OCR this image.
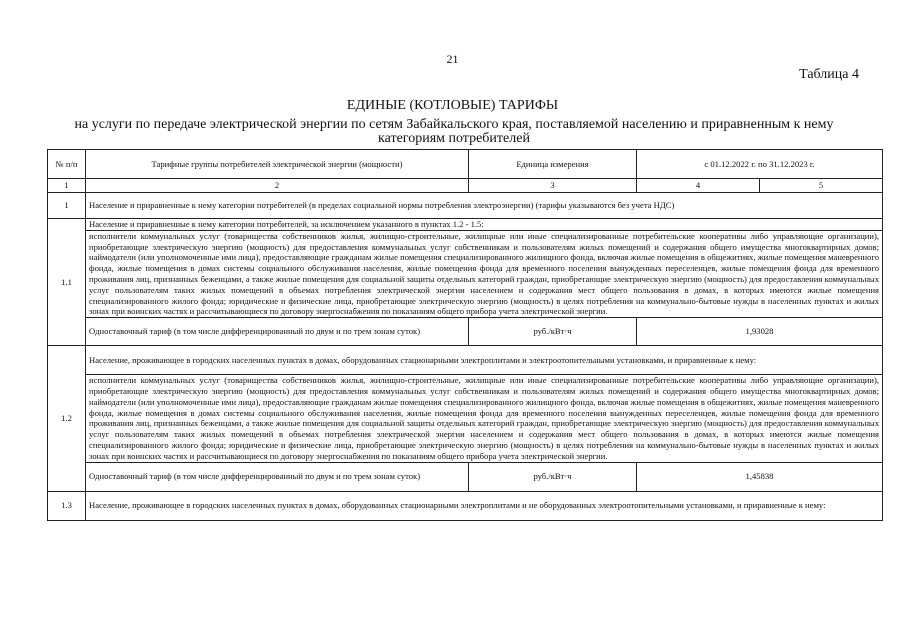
21
Таблица 4
ЕДИНЫЕ (КОТЛОВЫЕ) ТАРИФЫ
на услуги по передаче электрической энергии по сетям Забайкальского края, поставляемой населению и приравненным к нему категориям потребителей
№ п/п	Тарифные группы потребителей электрической энергии (мощности)	Единица измерения	с 01.12.2022 г. по 31.12.2023 г.	
1	2	3	4	5
1	Население и приравненные к нему категории потребителей (в пределах социальной нормы потребления электроэнергии) (тарифы указываются без учета НДС)			
1.1	Население и приравненные к нему категории потребителей, за исключением указанного в пунктах 1.2 - 1.5:			
	исполнители коммунальных услуг (товарищества собственников жилья, жилищно-строительные, жилищные или иные специализированные потребительские кооперативы либо управляющие организации), приобретающие электрическую энергию (мощность) для предоставления коммунальных услуг собственникам и пользователям жилых помещений и содержания общего имущества многоквартирных домов; наймодатели (или уполномоченные ими лица), предоставляющие гражданам жилые помещения специализированного жилищного фонда, включая жилые помещения в общежитиях, жилые помещения маневренного фонда, жилые помещения в домах системы социального обслуживания населения, жилые помещения фонда для временного поселения вынужденных переселенцев, жилые помещения фонда для временного проживания лиц, признанных беженцами, а также жилые помещения для социальной защиты отдельных категорий граждан, приобретающие электрическую энергию (мощность) для предоставления коммунальных услуг пользователям таких жилых помещений в объемах потребления электрической энергии населением и содержания мест общего пользования в домах, в которых имеются жилые помещения специализированного жилого фонда; юридические и физические лица, приобретающие электрическую энергию (мощность) в целях потребления на коммунально-бытовые нужды в населенных пунктах и жилых зонах при воинских частях и рассчитывающиеся по договору энергоснабжения по показаниям общего прибора учета электрической энергии.			
	Одноставочный тариф (в том числе дифференцированный по двум и по трем зонам суток)	руб./кВт·ч	1,93028	
1.2	Население, проживающее в городских населенных пунктах в домах, оборудованных стационарными электроплитами и электроотопительными установками, и приравненные к нему:			
	исполнители коммунальных услуг (товарищества собственников жилья, жилищно-строительные, жилищные или иные специализированные потребительские кооперативы либо управляющие организации), приобретающие электрическую энергию (мощность) для предоставления коммунальных услуг собственникам и пользователям жилых помещений и содержания общего имущества многоквартирных домов; наймодатели (или уполномоченные ими лица), предоставляющие гражданам жилые помещения специализированного жилищного фонда, включая жилые помещения в общежитиях, жилые помещения маневренного фонда, жилые помещения в домах системы социального обслуживания населения, жилые помещения фонда для временного поселения вынужденных переселенцев, жилые помещения фонда для временного проживания лиц, признанных беженцами, а также жилые помещения для социальной защиты отдельных категорий граждан, приобретающие электрическую энергию (мощность) для предоставления коммунальных услуг пользователям таких жилых помещений в объемах потребления электрической энергии населением и содержания мест общего пользования в домах, в которых имеются жилые помещения специализированного жилого фонда; юридические и физические лица, приобретающие электрическую энергию (мощность) в целях потребления на коммунально-бытовые нужды в населенных пунктах и жилых зонах при воинских частях и рассчитывающиеся по договору энергоснабжения по показаниям общего прибора учета электрической энергии.			
	Одноставочный тариф (в том числе дифференцированный по двум и по трем зонам суток)	руб./кВт·ч	1,45838	
1.3	Население, проживающее в городских населенных пунктах в домах, оборудованных стационарными электроплитами и не оборудованных электроотопительными установками, и приравненные к нему:			
